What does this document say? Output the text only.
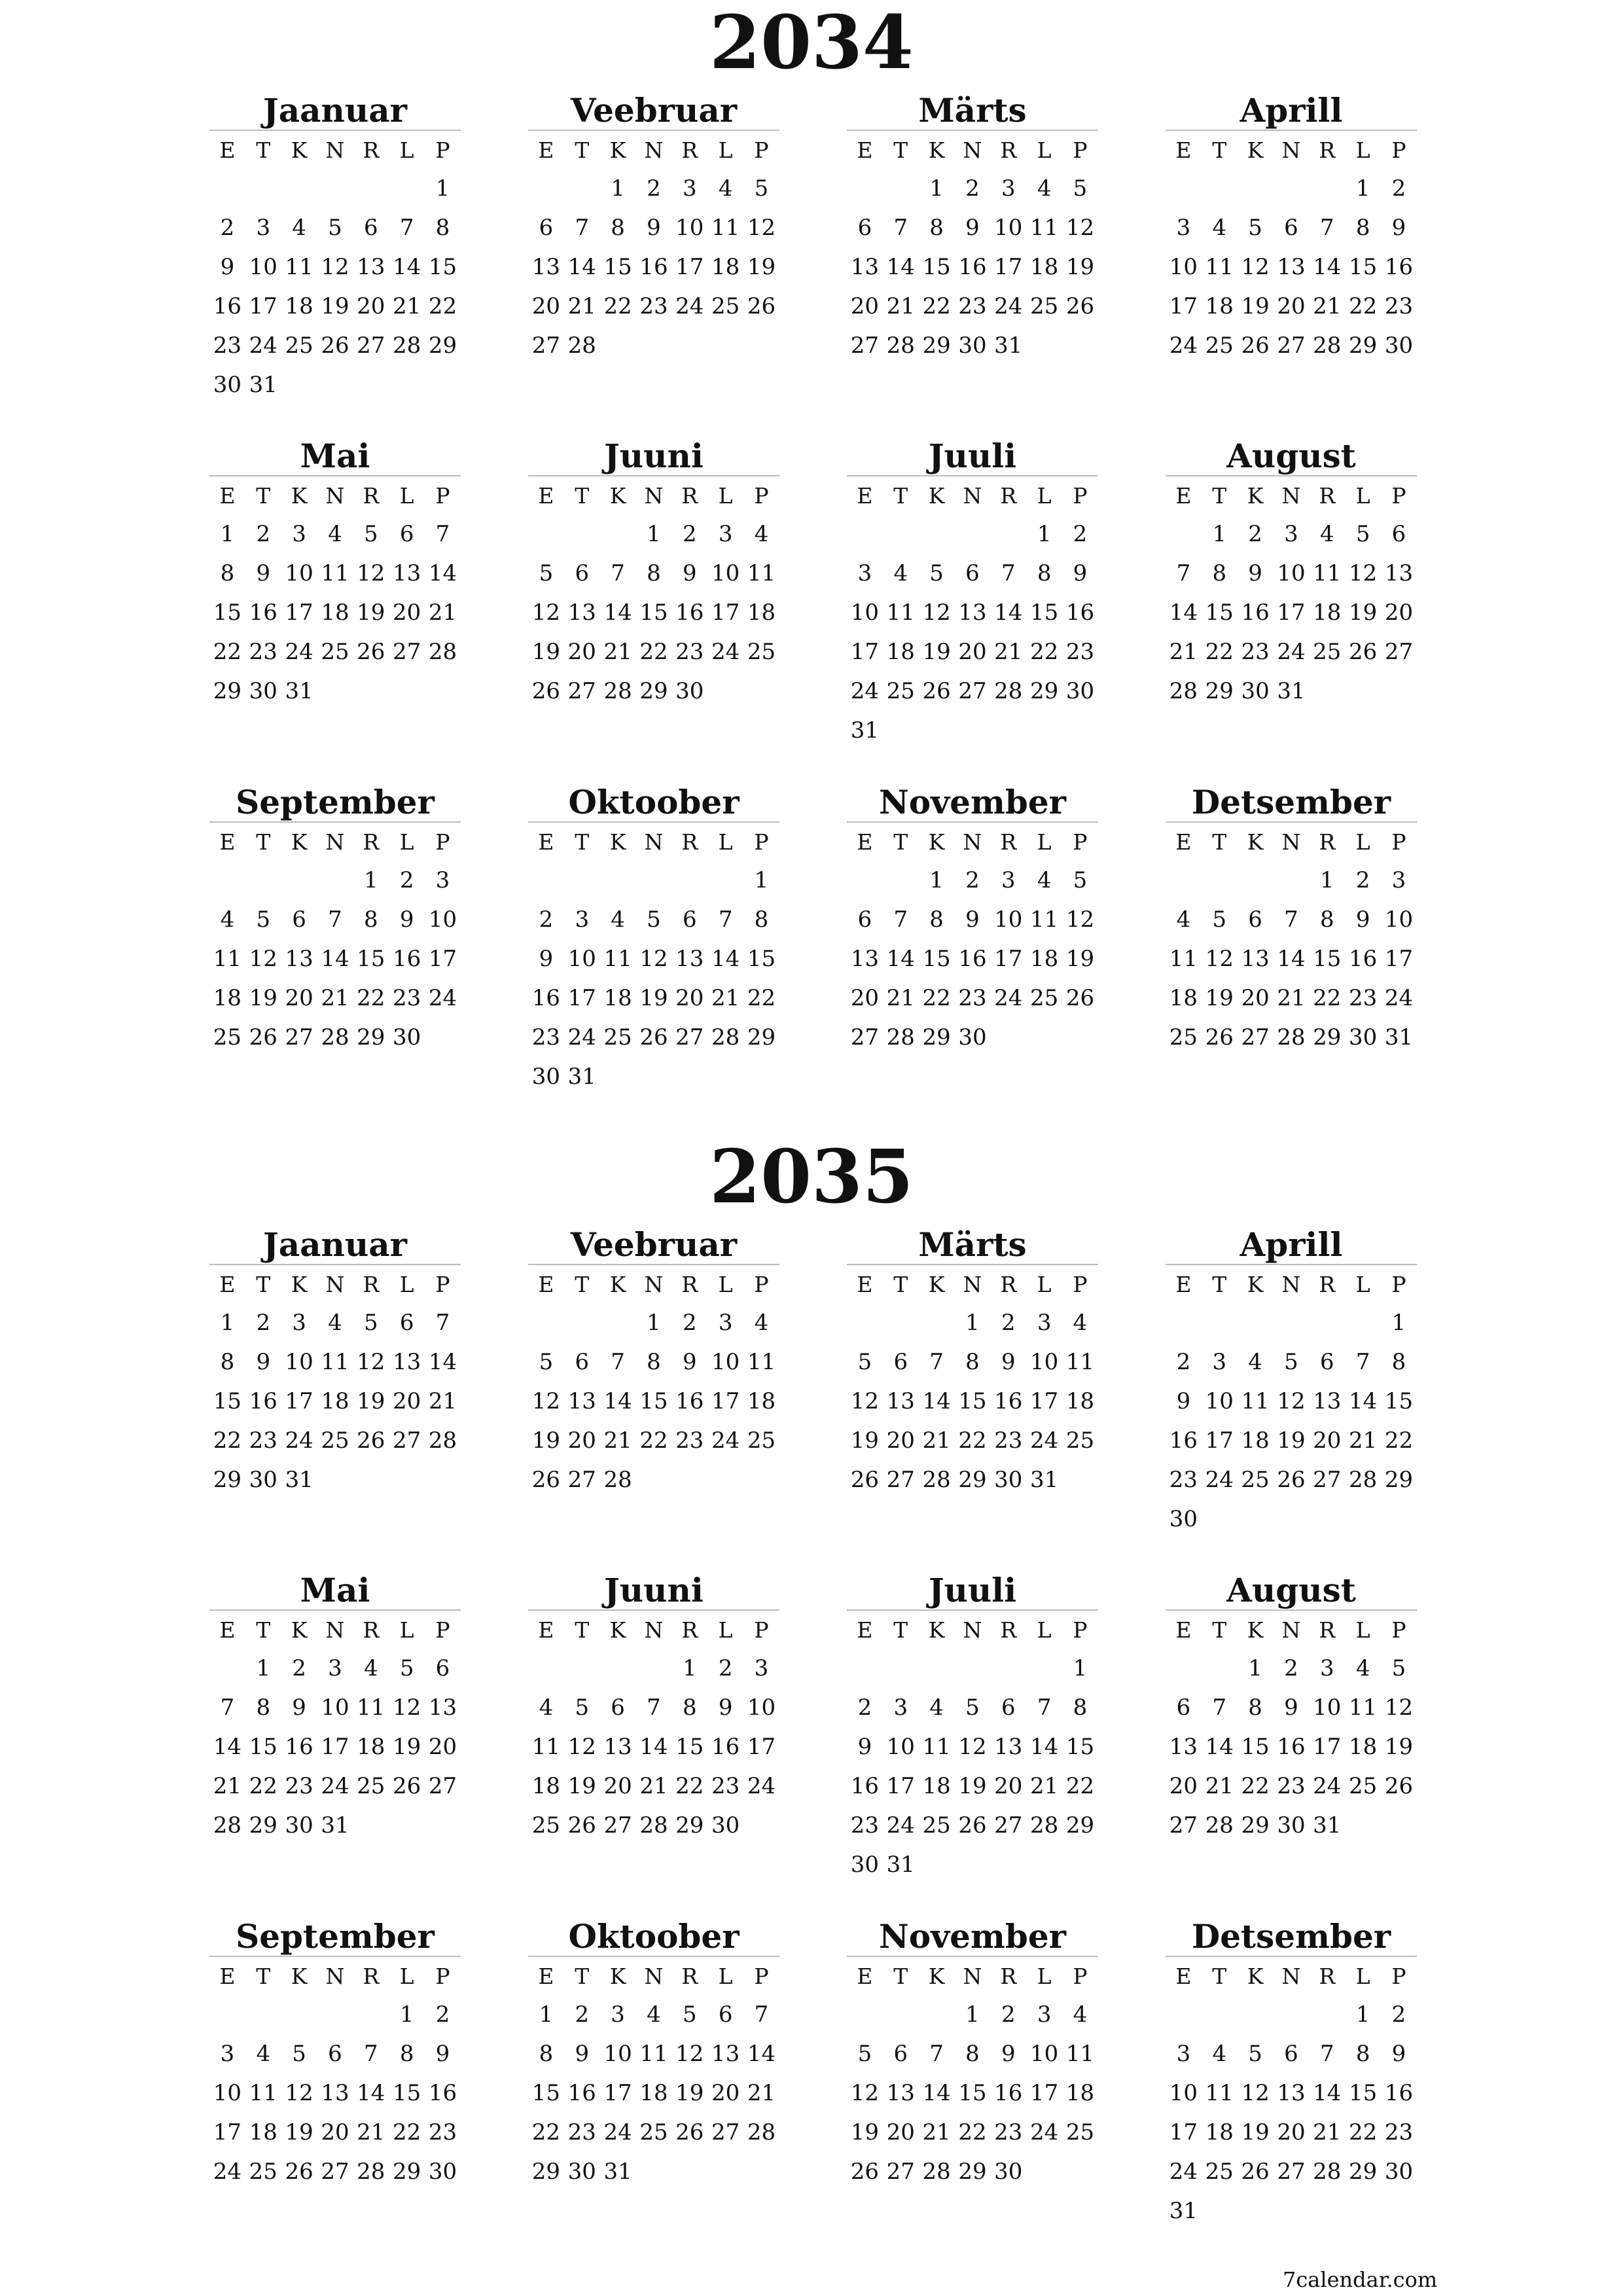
2034
Jaanuar
E T K N R L P
1
2 3 4 5 6 7 8
9 10 11 12 13 14 15
16 17 18 19 20 21 22
23 24 25 26 27 28 29
30 31
Veebruar
E T K N R L P
1 2 3 4 5
6 7 8 9 10 11 12
13 14 15 16 17 18 19
20 21 22 23 24 25 26
27 28
Märts
E T K N R L P
1 2 3 4 5
6 7 8 9 10 11 12
13 14 15 16 17 18 19
20 21 22 23 24 25 26
27 28 29 30 31
Aprill
E T K N R L P
1 2
3 4 5 6 7 8 9
10 11 12 13 14 15 16
17 18 19 20 21 22 23
24 25 26 27 28 29 30
Mai
E T K N R L P
1 2 3 4 5 6 7
8 9 10 11 12 13 14
15 16 17 18 19 20 21
22 23 24 25 26 27 28
29 30 31
Juuni
E T K N R L P
1 2 3 4
5 6 7 8 9 10 11
12 13 14 15 16 17 18
19 20 21 22 23 24 25
26 27 28 29 30
Juuli
E T K N R L P
1 2
3 4 5 6 7 8 9
10 11 12 13 14 15 16
17 18 19 20 21 22 23
24 25 26 27 28 29 30
31
August
E T K N R L P
1 2 3 4 5 6
7 8 9 10 11 12 13
14 15 16 17 18 19 20
21 22 23 24 25 26 27
28 29 30 31
September
E T K N R L P
1 2 3
4 5 6 7 8 9 10
11 12 13 14 15 16 17
18 19 20 21 22 23 24
25 26 27 28 29 30
Oktoober
E T K N R L P
1
2 3 4 5 6 7 8
9 10 11 12 13 14 15
16 17 18 19 20 21 22
23 24 25 26 27 28 29
30 31
November
E T K N R L P
1 2 3 4 5
6 7 8 9 10 11 12
13 14 15 16 17 18 19
20 21 22 23 24 25 26
27 28 29 30
Detsember
E T K N R L P
1 2 3
4 5 6 7 8 9 10
11 12 13 14 15 16 17
18 19 20 21 22 23 24
25 26 27 28 29 30 31
2035
Jaanuar
E T K N R L P
1 2 3 4 5 6 7
8 9 10 11 12 13 14
15 16 17 18 19 20 21
22 23 24 25 26 27 28
29 30 31
Veebruar
E T K N R L P
1 2 3 4
5 6 7 8 9 10 11
12 13 14 15 16 17 18
19 20 21 22 23 24 25
26 27 28
Märts
E T K N R L P
1 2 3 4
5 6 7 8 9 10 11
12 13 14 15 16 17 18
19 20 21 22 23 24 25
26 27 28 29 30 31
Aprill
E T K N R L P
1
2 3 4 5 6 7 8
9 10 11 12 13 14 15
16 17 18 19 20 21 22
23 24 25 26 27 28 29
30
Mai
E T K N R L P
1 2 3 4 5 6
7 8 9 10 11 12 13
14 15 16 17 18 19 20
21 22 23 24 25 26 27
28 29 30 31
Juuni
E T K N R L P
1 2 3
4 5 6 7 8 9 10
11 12 13 14 15 16 17
18 19 20 21 22 23 24
25 26 27 28 29 30
Juuli
E T K N R L P
1
2 3 4 5 6 7 8
9 10 11 12 13 14 15
16 17 18 19 20 21 22
23 24 25 26 27 28 29
30 31
August
E T K N R L P
1 2 3 4 5
6 7 8 9 10 11 12
13 14 15 16 17 18 19
20 21 22 23 24 25 26
27 28 29 30 31
September
E T K N R L P
1 2
3 4 5 6 7 8 9
10 11 12 13 14 15 16
17 18 19 20 21 22 23
24 25 26 27 28 29 30
Oktoober
E T K N R L P
1 2 3 4 5 6 7
8 9 10 11 12 13 14
15 16 17 18 19 20 21
22 23 24 25 26 27 28
29 30 31
November
E T K N R L P
1 2 3 4
5 6 7 8 9 10 11
12 13 14 15 16 17 18
19 20 21 22 23 24 25
26 27 28 29 30
Detsember
E T K N R L P
1 2
3 4 5 6 7 8 9
10 11 12 13 14 15 16
17 18 19 20 21 22 23
24 25 26 27 28 29 30
31
7calendar.com
